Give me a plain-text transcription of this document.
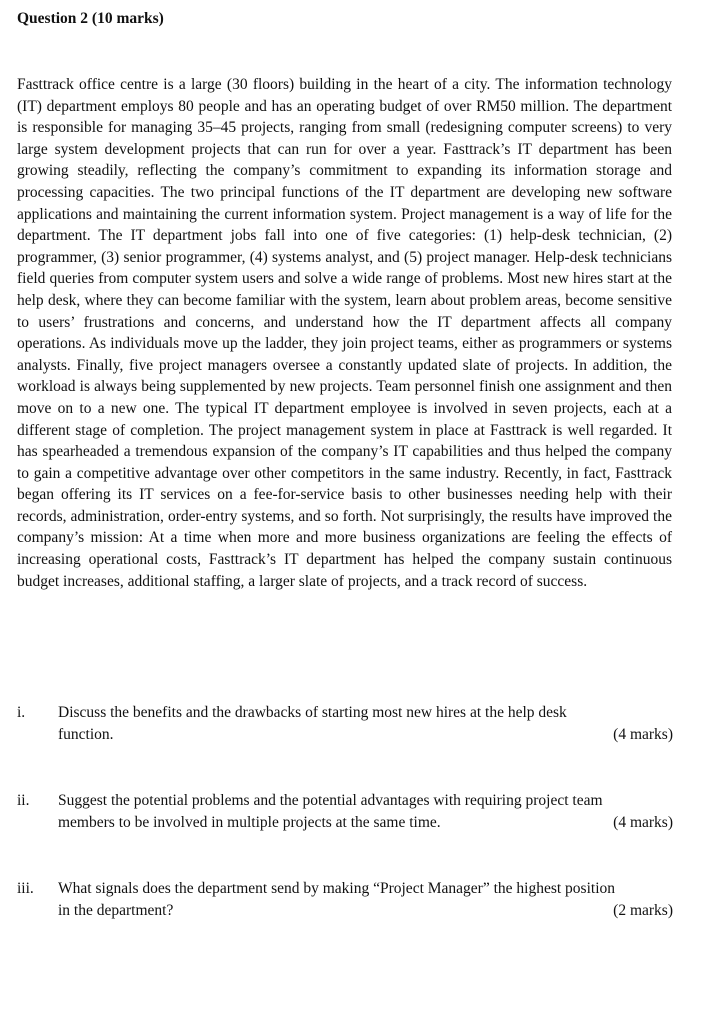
Question 2 (10 marks)
Fasttrack office centre is a large (30 floors) building in the heart of a city. The information technology (IT) department employs 80 people and has an operating budget of over RM50 million. The department is responsible for managing 35–45 projects, ranging from small (redesigning computer screens) to very large system development projects that can run for over a year. Fasttrack’s IT department has been growing steadily, reflecting the company’s commitment to expanding its information storage and processing capacities. The two principal functions of the IT department are developing new software applications and maintaining the current information system. Project management is a way of life for the department. The IT department jobs fall into one of five categories: (1) help-desk technician, (2) programmer, (3) senior programmer, (4) systems analyst, and (5) project manager. Help-desk technicians field queries from computer system users and solve a wide range of problems. Most new hires start at the help desk, where they can become familiar with the system, learn about problem areas, become sensitive to users’ frustrations and concerns, and understand how the IT department affects all company operations. As individuals move up the ladder, they join project teams, either as programmers or systems analysts. Finally, five project managers oversee a constantly updated slate of projects. In addition, the workload is always being supplemented by new projects. Team personnel finish one assignment and then move on to a new one. The typical IT department employee is involved in seven projects, each at a different stage of completion. The project management system in place at Fasttrack is well regarded. It has spearheaded a tremendous expansion of the company’s IT capabilities and thus helped the company to gain a competitive advantage over other competitors in the same industry. Recently, in fact, Fasttrack began offering its IT services on a fee-for-service basis to other businesses needing help with their records, administration, order-entry systems, and so forth. Not surprisingly, the results have improved the company’s mission: At a time when more and more business organizations are feeling the effects of increasing operational costs, Fasttrack’s IT department has helped the company sustain continuous budget increases, additional staffing, a larger slate of projects, and a track record of success.
i.	Discuss the benefits and the drawbacks of starting most new hires at the help desk
function.	(4 marks)
ii.	Suggest the potential problems and the potential advantages with requiring project team
members to be involved in multiple projects at the same time.	(4 marks)
iii.	What signals does the department send by making “Project Manager” the highest position
in the department?	(2 marks)
